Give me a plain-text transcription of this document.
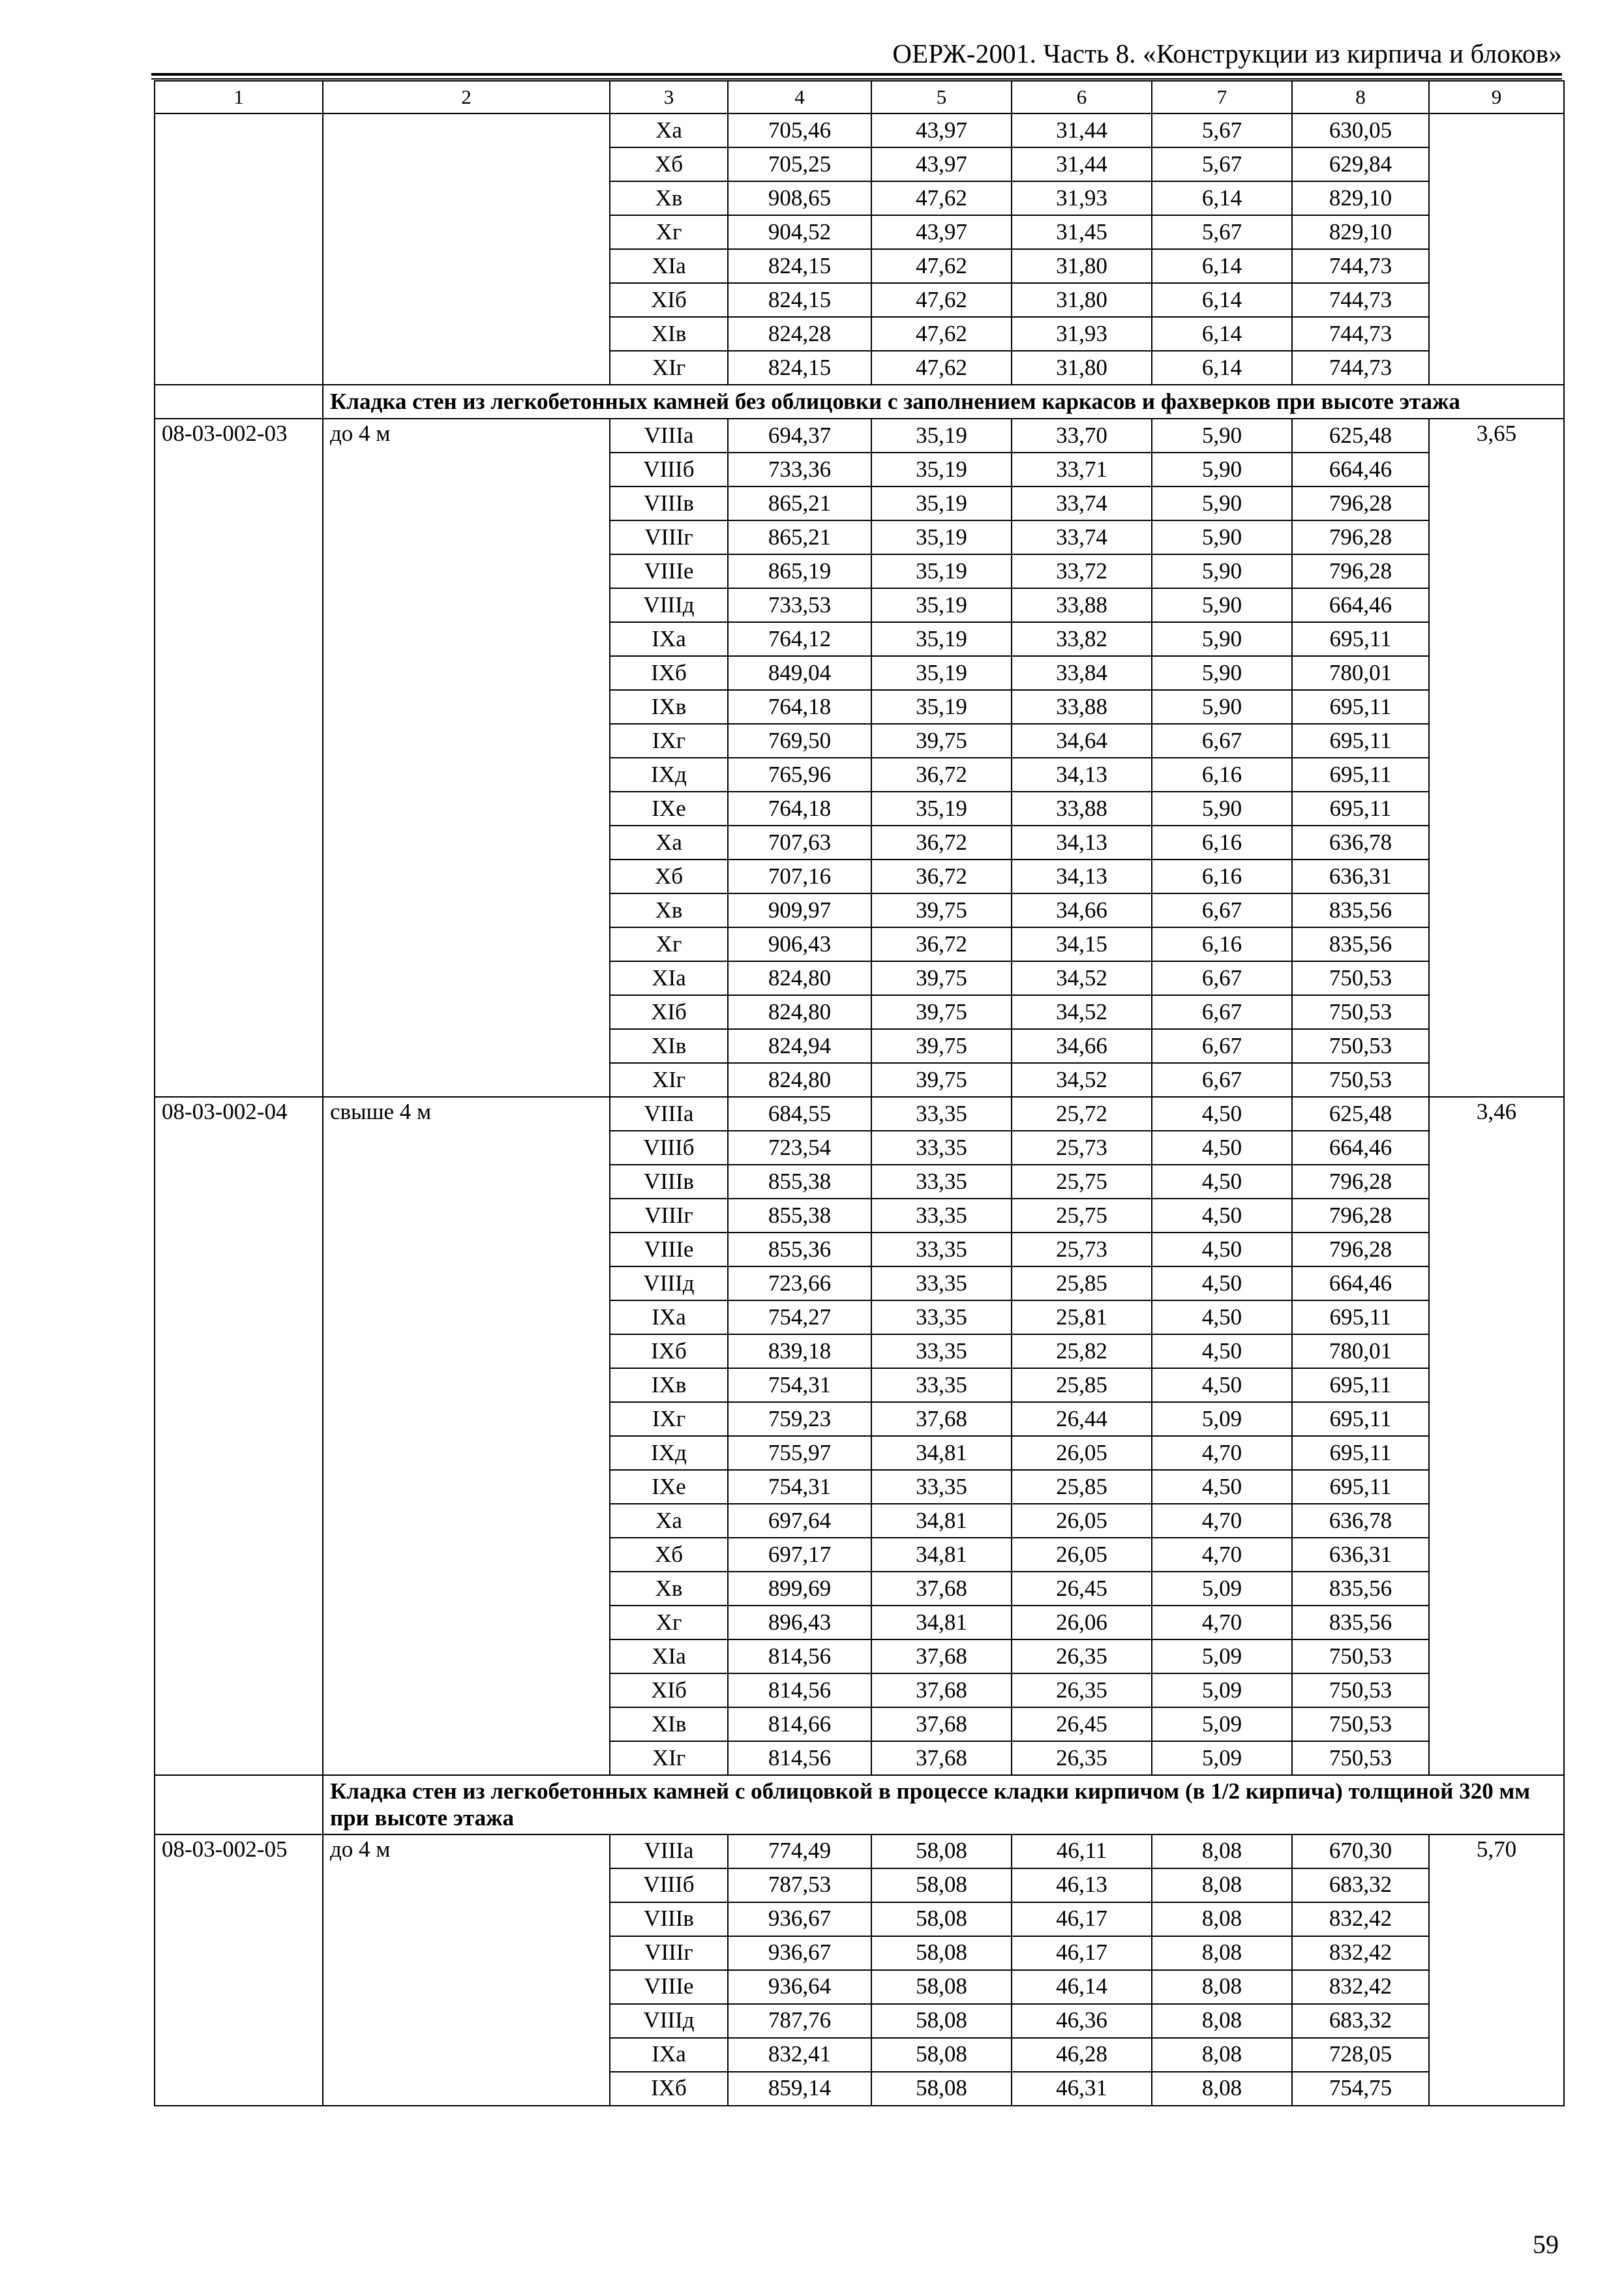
ОЕРЖ-2001. Часть 8. «Конструкции из кирпича и блоков»
1	2	3	4	5	6	7	8	9
		Xа	705,46	43,97	31,44	5,67	630,05	
		Xб	705,25	43,97	31,44	5,67	629,84	
		Xв	908,65	47,62	31,93	6,14	829,10	
		Xг	904,52	43,97	31,45	5,67	829,10	
		XIа	824,15	47,62	31,80	6,14	744,73	
		XIб	824,15	47,62	31,80	6,14	744,73	
		XIв	824,28	47,62	31,93	6,14	744,73	
		XIг	824,15	47,62	31,80	6,14	744,73	
	Кладка стен из легкобетонных камней без облицовки с заполнением каркасов и фахверков при высоте этажа							
08-03-002-03	до 4 м	VIIIа	694,37	35,19	33,70	5,90	625,48	3,65
		VIIIб	733,36	35,19	33,71	5,90	664,46	
		VIIIв	865,21	35,19	33,74	5,90	796,28	
		VIIIг	865,21	35,19	33,74	5,90	796,28	
		VIIIе	865,19	35,19	33,72	5,90	796,28	
		VIIIд	733,53	35,19	33,88	5,90	664,46	
		IXа	764,12	35,19	33,82	5,90	695,11	
		IXб	849,04	35,19	33,84	5,90	780,01	
		IXв	764,18	35,19	33,88	5,90	695,11	
		IXг	769,50	39,75	34,64	6,67	695,11	
		IXд	765,96	36,72	34,13	6,16	695,11	
		IXе	764,18	35,19	33,88	5,90	695,11	
		Xа	707,63	36,72	34,13	6,16	636,78	
		Xб	707,16	36,72	34,13	6,16	636,31	
		Xв	909,97	39,75	34,66	6,67	835,56	
		Xг	906,43	36,72	34,15	6,16	835,56	
		XIа	824,80	39,75	34,52	6,67	750,53	
		XIб	824,80	39,75	34,52	6,67	750,53	
		XIв	824,94	39,75	34,66	6,67	750,53	
		XIг	824,80	39,75	34,52	6,67	750,53	
08-03-002-04	свыше 4 м	VIIIа	684,55	33,35	25,72	4,50	625,48	3,46
		VIIIб	723,54	33,35	25,73	4,50	664,46	
		VIIIв	855,38	33,35	25,75	4,50	796,28	
		VIIIг	855,38	33,35	25,75	4,50	796,28	
		VIIIе	855,36	33,35	25,73	4,50	796,28	
		VIIIд	723,66	33,35	25,85	4,50	664,46	
		IXа	754,27	33,35	25,81	4,50	695,11	
		IXб	839,18	33,35	25,82	4,50	780,01	
		IXв	754,31	33,35	25,85	4,50	695,11	
		IXг	759,23	37,68	26,44	5,09	695,11	
		IXд	755,97	34,81	26,05	4,70	695,11	
		IXе	754,31	33,35	25,85	4,50	695,11	
		Xа	697,64	34,81	26,05	4,70	636,78	
		Xб	697,17	34,81	26,05	4,70	636,31	
		Xв	899,69	37,68	26,45	5,09	835,56	
		Xг	896,43	34,81	26,06	4,70	835,56	
		XIа	814,56	37,68	26,35	5,09	750,53	
		XIб	814,56	37,68	26,35	5,09	750,53	
		XIв	814,66	37,68	26,45	5,09	750,53	
		XIг	814,56	37,68	26,35	5,09	750,53	
	Кладка стен из легкобетонных камней с облицовкой в процессе кладки кирпичом (в 1/2 кирпича) толщиной 320 мм при высоте этажа							
08-03-002-05	до 4 м	VIIIа	774,49	58,08	46,11	8,08	670,30	5,70
		VIIIб	787,53	58,08	46,13	8,08	683,32	
		VIIIв	936,67	58,08	46,17	8,08	832,42	
		VIIIг	936,67	58,08	46,17	8,08	832,42	
		VIIIе	936,64	58,08	46,14	8,08	832,42	
		VIIIд	787,76	58,08	46,36	8,08	683,32	
		IXа	832,41	58,08	46,28	8,08	728,05	
		IXб	859,14	58,08	46,31	8,08	754,75	
59
